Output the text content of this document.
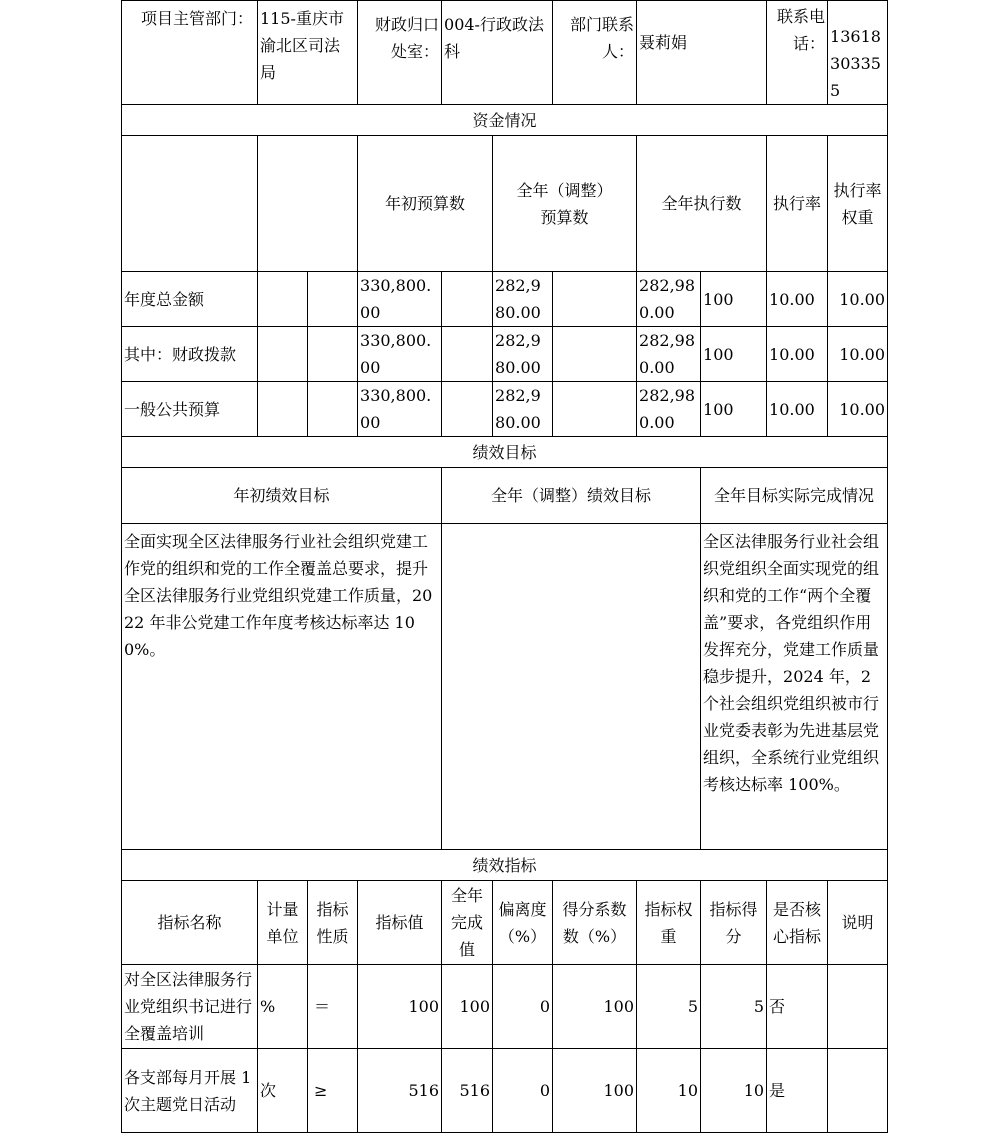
项目主管部门：	115-重庆市渝北区司法局		财政归口处室：	004-行政政法科		部门联系人：	聂莉娟		联系电话：	13618303355	
资金情况											
			年初预算数		全年（调整）预算数		全年执行数		执行率	执行率权重	
年度总金额			330,800.00		282,980.00		282,980.00	100	10.00	10.00	
其中：财政拨款			330,800.00		282,980.00		282,980.00	100	10.00	10.00	
一般公共预算			330,800.00		282,980.00		282,980.00	100	10.00	10.00	
绩效目标											
年初绩效目标				全年（调整）绩效目标				全年目标实际完成情况			
全面实现全区法律服务行业社会组织党建工作党的组织和党的工作全覆盖总要求，提升全区法律服务行业党组织党建工作质量，2022 年非公党建工作年度考核达标率达 100%。								全区法律服务行业社会组织党组织全面实现党的组织和党的工作“两个全覆盖”要求，各党组织作用发挥充分，党建工作质量稳步提升，2024 年，2 个社会组织党组织被市行业党委表彰为先进基层党组织，全系统行业党组织考核达标率 100%。			
绩效指标											
指标名称	计量单位	指标性质	指标值	全年完成值	偏离度（%）	得分系数数（%）	指标权重	指标得分	是否核心指标	说明	
对全区法律服务行业党组织书记进行全覆盖培训	%	＝	100	100	0	100	5	5	否		
各支部每月开展 1 次主题党日活动	次	≥	516	516	0	100	10	10	是		
